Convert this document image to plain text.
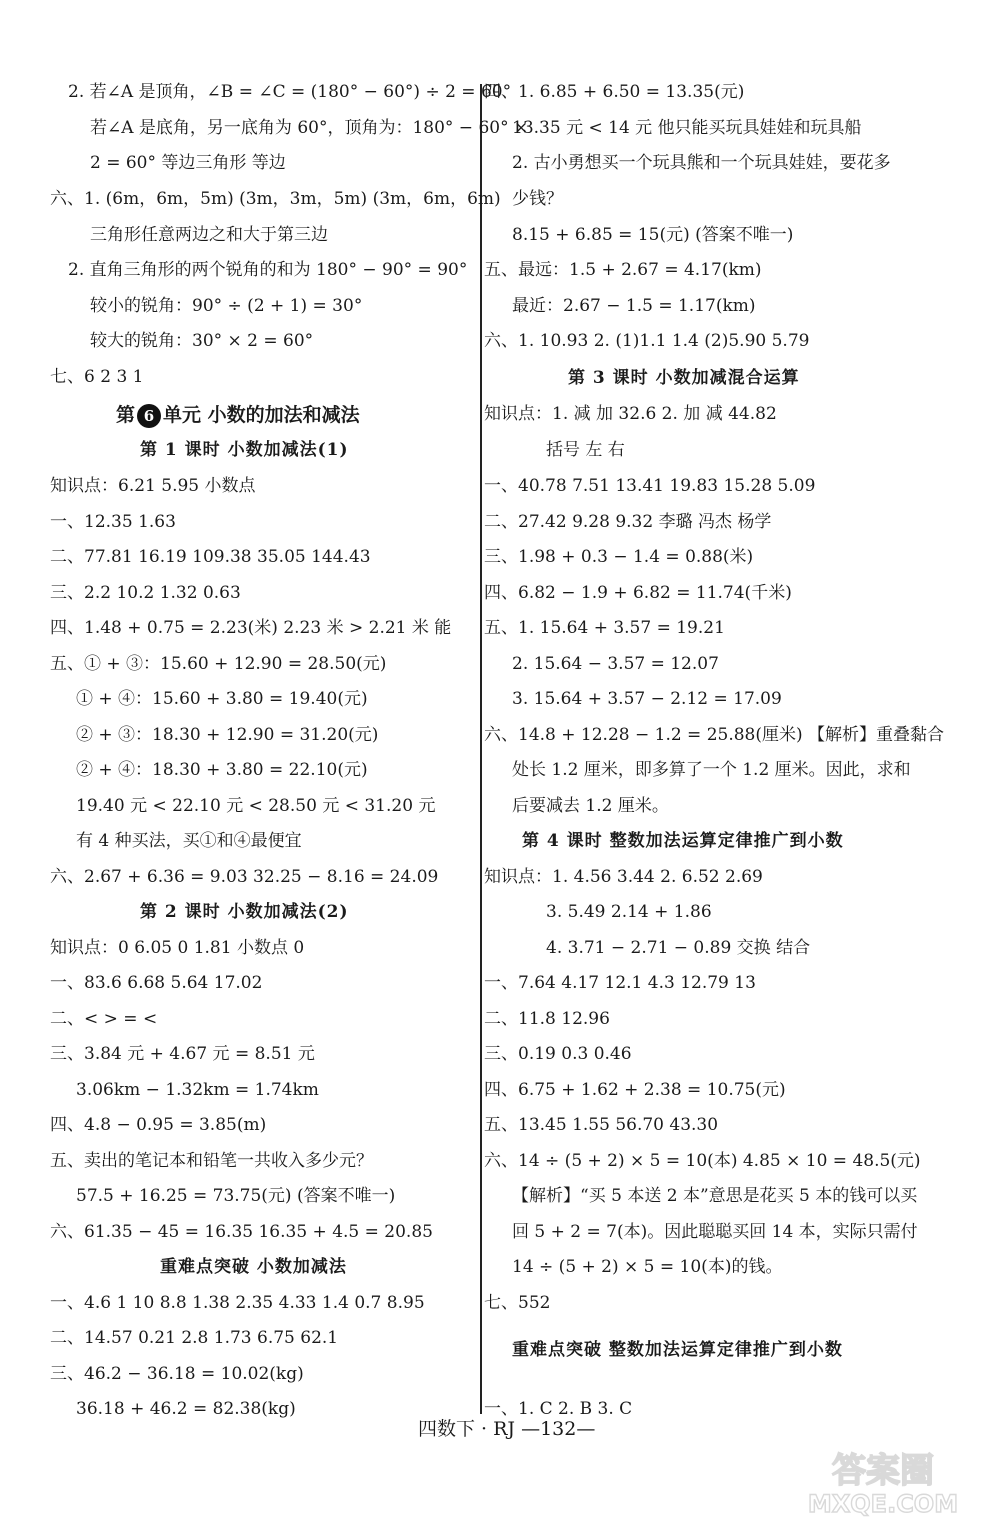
第 6 单元 小数的加法和减法
四数下 · RJ —132—
答案圈
MXQE.COM
2. 若∠A 是顶角，∠B = ∠C = (180° − 60°) ÷ 2 = 60°
若∠A 是底角，另一底角为 60°，顶角为：180° − 60° ×
2 = 60° 等边三角形 等边
六、1. (6m，6m，5m) (3m，3m，5m) (3m，6m，6m)
三角形任意两边之和大于第三边
2. 直角三角形的两个锐角的和为 180° − 90° = 90°
较小的锐角：90° ÷ (2 + 1) = 30°
较大的锐角：30° × 2 = 60°
七、6 2 3 1
知识点：6.21 5.95 小数点
一、12.35 1.63
二、77.81 16.19 109.38 35.05 144.43
三、2.2 10.2 1.32 0.63
四、1.48 + 0.75 = 2.23(米) 2.23 米 > 2.21 米 能
五、① + ③：15.60 + 12.90 = 28.50(元)
① + ④：15.60 + 3.80 = 19.40(元)
② + ③：18.30 + 12.90 = 31.20(元)
② + ④：18.30 + 3.80 = 22.10(元)
19.40 元 < 22.10 元 < 28.50 元 < 31.20 元
有 4 种买法，买①和④最便宜
六、2.67 + 6.36 = 9.03 32.25 − 8.16 = 24.09
知识点：0 6.05 0 1.81 小数点 0
一、83.6 6.68 5.64 17.02
二、< > = <
三、3.84 元 + 4.67 元 = 8.51 元
3.06km − 1.32km = 1.74km
四、4.8 − 0.95 = 3.85(m)
五、卖出的笔记本和铅笔一共收入多少元？
57.5 + 16.25 = 73.75(元) (答案不唯一)
六、61.35 − 45 = 16.35 16.35 + 4.5 = 20.85
一、4.6 1 10 8.8 1.38 2.35 4.33 1.4 0.7 8.95
二、14.57 0.21 2.8 1.73 6.75 62.1
三、46.2 − 36.18 = 10.02(kg)
36.18 + 46.2 = 82.38(kg)
第 1 课时 小数加减法(1)
第 2 课时 小数加减法(2)
重难点突破 小数加减法
四、1. 6.85 + 6.50 = 13.35(元)
13.35 元 < 14 元 他只能买玩具娃娃和玩具船
2. 古小勇想买一个玩具熊和一个玩具娃娃，要花多
少钱？
8.15 + 6.85 = 15(元) (答案不唯一)
五、最远：1.5 + 2.67 = 4.17(km)
最近：2.67 − 1.5 = 1.17(km)
六、1. 10.93 2. (1)1.1 1.4 (2)5.90 5.79
知识点：1. 减 加 32.6 2. 加 减 44.82
括号 左 右
一、40.78 7.51 13.41 19.83 15.28 5.09
二、27.42 9.28 9.32 李璐 冯杰 杨学
三、1.98 + 0.3 − 1.4 = 0.88(米)
四、6.82 − 1.9 + 6.82 = 11.74(千米)
五、1. 15.64 + 3.57 = 19.21
2. 15.64 − 3.57 = 12.07
3. 15.64 + 3.57 − 2.12 = 17.09
六、14.8 + 12.28 − 1.2 = 25.88(厘米) 【解析】重叠黏合
处长 1.2 厘米，即多算了一个 1.2 厘米。因此，求和
后要减去 1.2 厘米。
知识点：1. 4.56 3.44 2. 6.52 2.69
3. 5.49 2.14 + 1.86
4. 3.71 − 2.71 − 0.89 交换 结合
一、7.64 4.17 12.1 4.3 12.79 13
二、11.8 12.96
三、0.19 0.3 0.46
四、6.75 + 1.62 + 2.38 = 10.75(元)
五、13.45 1.55 56.70 43.30
六、14 ÷ (5 + 2) × 5 = 10(本) 4.85 × 10 = 48.5(元)
【解析】“买 5 本送 2 本”意思是花买 5 本的钱可以买
回 5 + 2 = 7(本)。因此聪聪买回 14 本，实际只需付
14 ÷ (5 + 2) × 5 = 10(本)的钱。
七、552
一、1. C 2. B 3. C
第 3 课时 小数加减混合运算
第 4 课时 整数加法运算定律推广到小数
重难点突破 整数加法运算定律推广到小数
